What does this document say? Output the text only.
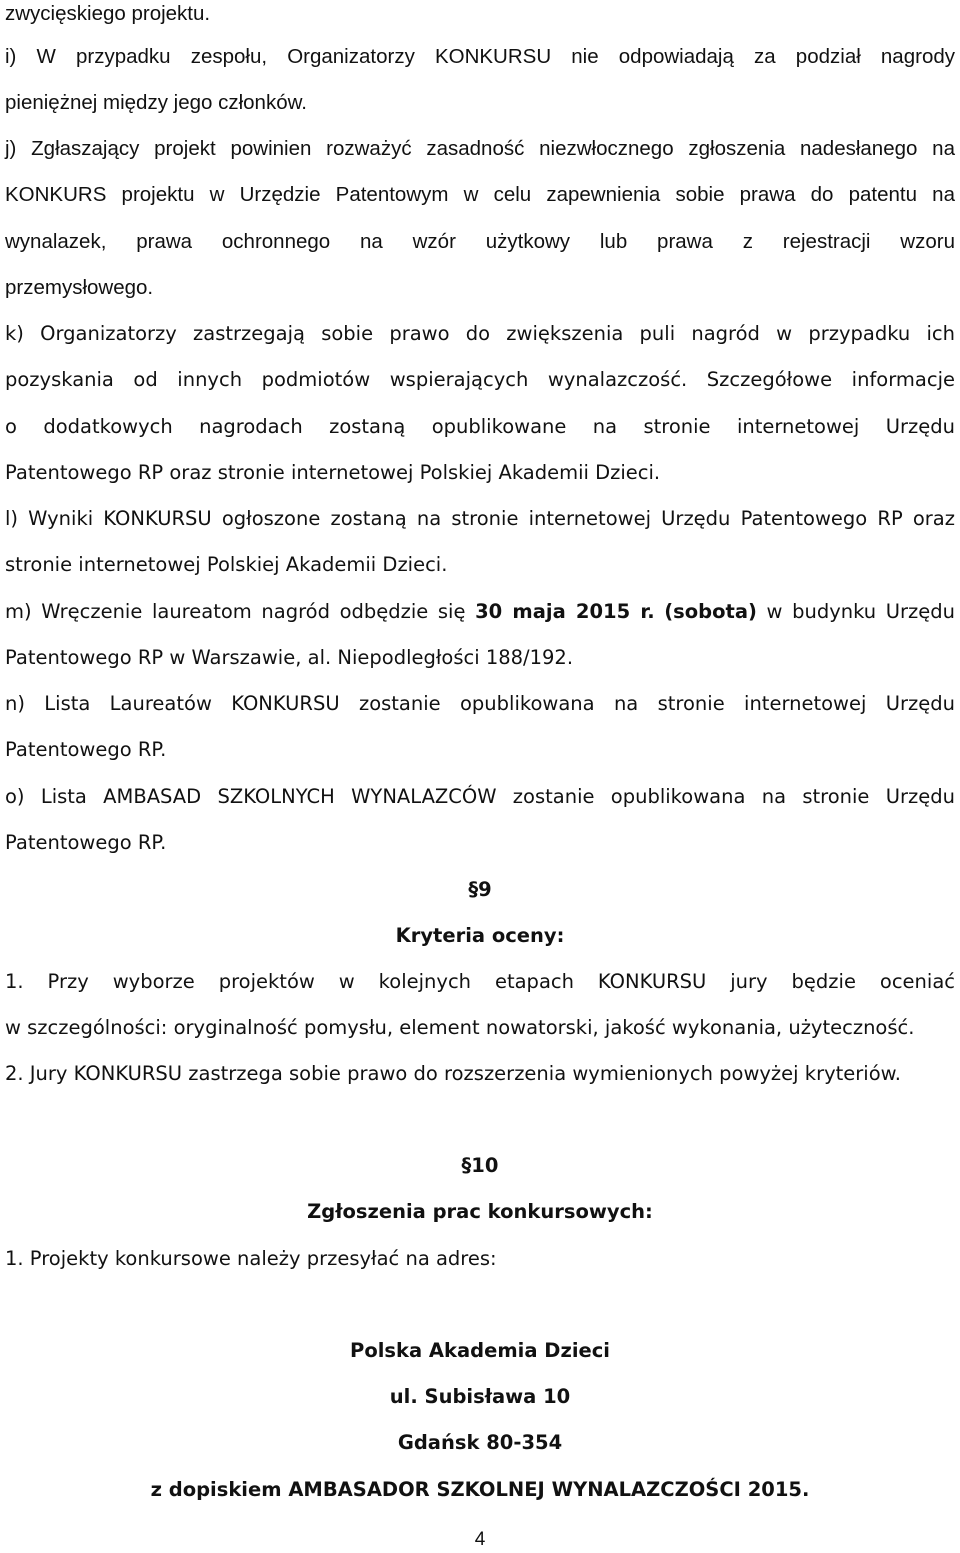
zwycięskiego projektu.
i) W przypadku zespołu, Organizatorzy KONKURSU nie odpowiadają za podział nagrody
pieniężnej między jego członków.
j) Zgłaszający projekt powinien rozważyć zasadność niezwłocznego zgłoszenia nadesłanego na
KONKURS projektu w Urzędzie Patentowym w celu zapewnienia sobie prawa do patentu na
wynalazek, prawa ochronnego na wzór użytkowy lub prawa z rejestracji wzoru
przemysłowego.
k) Organizatorzy zastrzegają sobie prawo do zwiększenia puli nagród w przypadku ich
pozyskania od innych podmiotów wspierających wynalazczość. Szczegółowe informacje
o dodatkowych nagrodach zostaną opublikowane na stronie internetowej Urzędu
Patentowego RP oraz stronie internetowej Polskiej Akademii Dzieci.
l) Wyniki KONKURSU ogłoszone zostaną na stronie internetowej Urzędu Patentowego RP oraz
stronie internetowej Polskiej Akademii Dzieci.
m) Wręczenie laureatom nagród odbędzie się 30 maja 2015 r. (sobota) w budynku Urzędu
Patentowego RP w Warszawie, al. Niepodległości 188/192.
n) Lista Laureatów KONKURSU zostanie opublikowana na stronie internetowej Urzędu
Patentowego RP.
o) Lista AMBASAD SZKOLNYCH WYNALAZCÓW zostanie opublikowana na stronie Urzędu
Patentowego RP.
§9
Kryteria oceny:
1. Przy wyborze projektów w kolejnych etapach KONKURSU jury będzie oceniać
w szczególności: oryginalność pomysłu, element nowatorski, jakość wykonania, użyteczność.
2. Jury KONKURSU zastrzega sobie prawo do rozszerzenia wymienionych powyżej kryteriów.
§10
Zgłoszenia prac konkursowych:
1. Projekty konkursowe należy przesyłać na adres:
Polska Akademia Dzieci
ul. Subisława 10
Gdańsk 80-354
z dopiskiem AMBASADOR SZKOLNEJ WYNALAZCZOŚCI 2015.
4
